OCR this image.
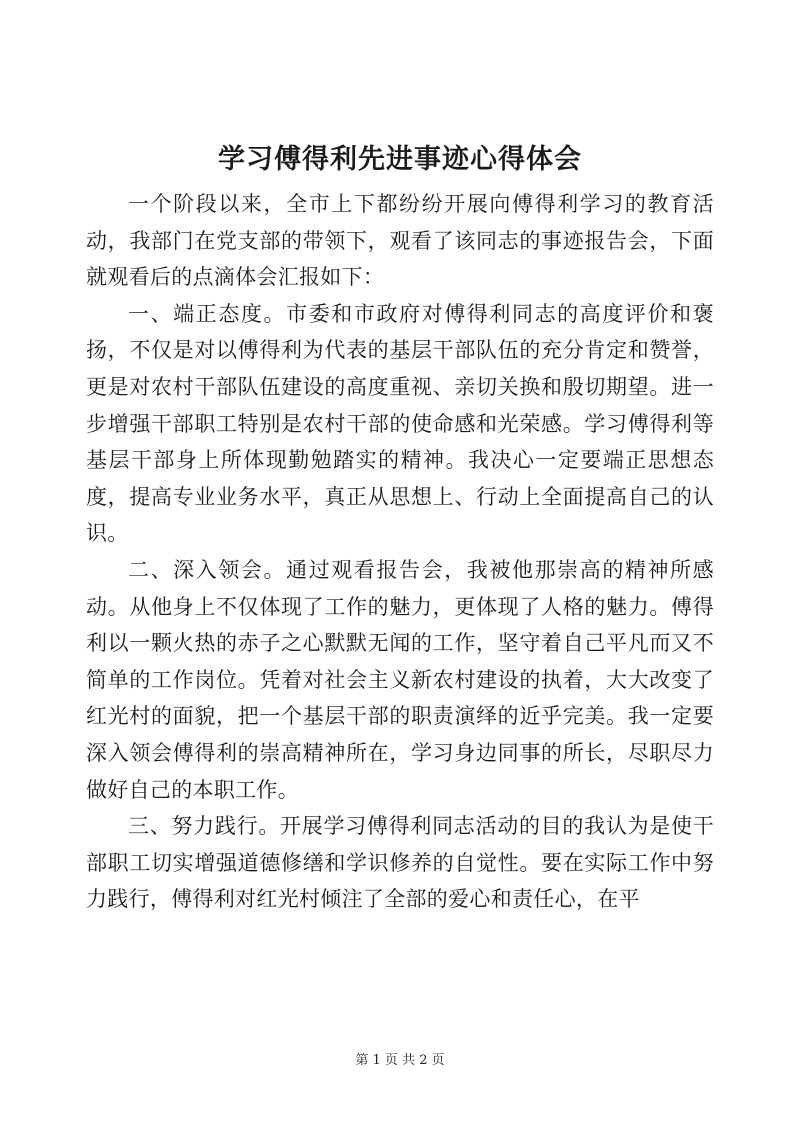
学习傅得利先进事迹心得体会

一个阶段以来，全市上下都纷纷开展向傅得利学习的教育活动，我部门在党支部的带领下，观看了该同志的事迹报告会，下面就观看后的点滴体会汇报如下：

一、端正态度。市委和市政府对傅得利同志的高度评价和褒扬，不仅是对以傅得利为代表的基层干部队伍的充分肯定和赞誉，更是对农村干部队伍建设的高度重视、亲切关换和殷切期望。进一步增强干部职工特别是农村干部的使命感和光荣感。学习傅得利等基层干部身上所体现勤勉踏实的精神。我决心一定要端正思想态度，提高专业业务水平，真正从思想上、行动上全面提高自己的认识。

二、深入领会。通过观看报告会，我被他那崇高的精神所感动。从他身上不仅体现了工作的魅力，更体现了人格的魅力。傅得利以一颗火热的赤子之心默默无闻的工作，坚守着自己平凡而又不简单的工作岗位。凭着对社会主义新农村建设的执着，大大改变了红光村的面貌，把一个基层干部的职责演绎的近乎完美。我一定要深入领会傅得利的崇高精神所在，学习身边同事的所长，尽职尽力做好自己的本职工作。

三、努力践行。开展学习傅得利同志活动的目的我认为是使干部职工切实增强道德修缮和学识修养的自觉性。要在实际工作中努力践行，傅得利对红光村倾注了全部的爱心和责任心，在平

第 1 页 共 2 页
